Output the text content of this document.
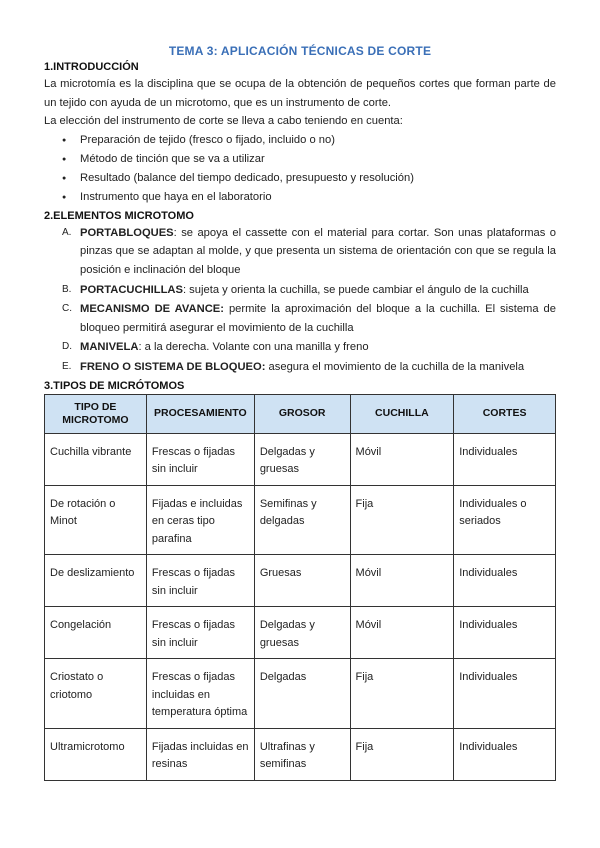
TEMA 3: APLICACIÓN TÉCNICAS DE CORTE
1.INTRODUCCIÓN

La microtomía es la disciplina que se ocupa de la obtención de pequeños cortes que forman parte de un tejido con ayuda de un microtomo, que es un instrumento de corte.

La elección del instrumento de corte se lleva a cabo teniendo en cuenta:

● Preparación de tejido (fresco o fijado, incluido o no)
● Método de tinción que se va a utilizar
● Resultado (balance del tiempo dedicado, presupuesto y resolución)
● Instrumento que haya en el laboratorio
2.ELEMENTOS MICROTOMO
A. PORTABLOQUES: se apoya el cassette con el material para cortar. Son unas plataformas o pinzas que se adaptan al molde, y que presenta un sistema de orientación con que se regula la posición e inclinación del bloque
B. PORTACUCHILLAS: sujeta y orienta la cuchilla, se puede cambiar el ángulo de la cuchilla
C. MECANISMO DE AVANCE: permite la aproximación del bloque a la cuchilla. El sistema de bloqueo permitirá asegurar el movimiento de la cuchilla
D. MANIVELA: a la derecha. Volante con una manilla y freno
E. FRENO O SISTEMA DE BLOQUEO: asegura el movimiento de la cuchilla de la manivela
3.TIPOS DE MICRÓTOMOS
TIPO DE MICROTOMO	PROCESAMIENTO	GROSOR	CUCHILLA	CORTES
Cuchilla vibrante	Frescas o fijadas sin incluir	Delgadas y gruesas	Móvil	Individuales
De rotación o Minot	Fijadas e incluidas en ceras tipo parafina	Semifinas y delgadas	Fija	Individuales o seriados
De deslizamiento	Frescas o fijadas sin incluir	Gruesas	Móvil	Individuales
Congelación	Frescas o fijadas sin incluir	Delgadas y gruesas	Móvil	Individuales
Criostato o criotomo	Frescas o fijadas incluidas en temperatura óptima	Delgadas	Fija	Individuales
Ultramicrotomo	Fijadas incluidas en resinas	Ultrafinas y semifinas	Fija	Individuales
